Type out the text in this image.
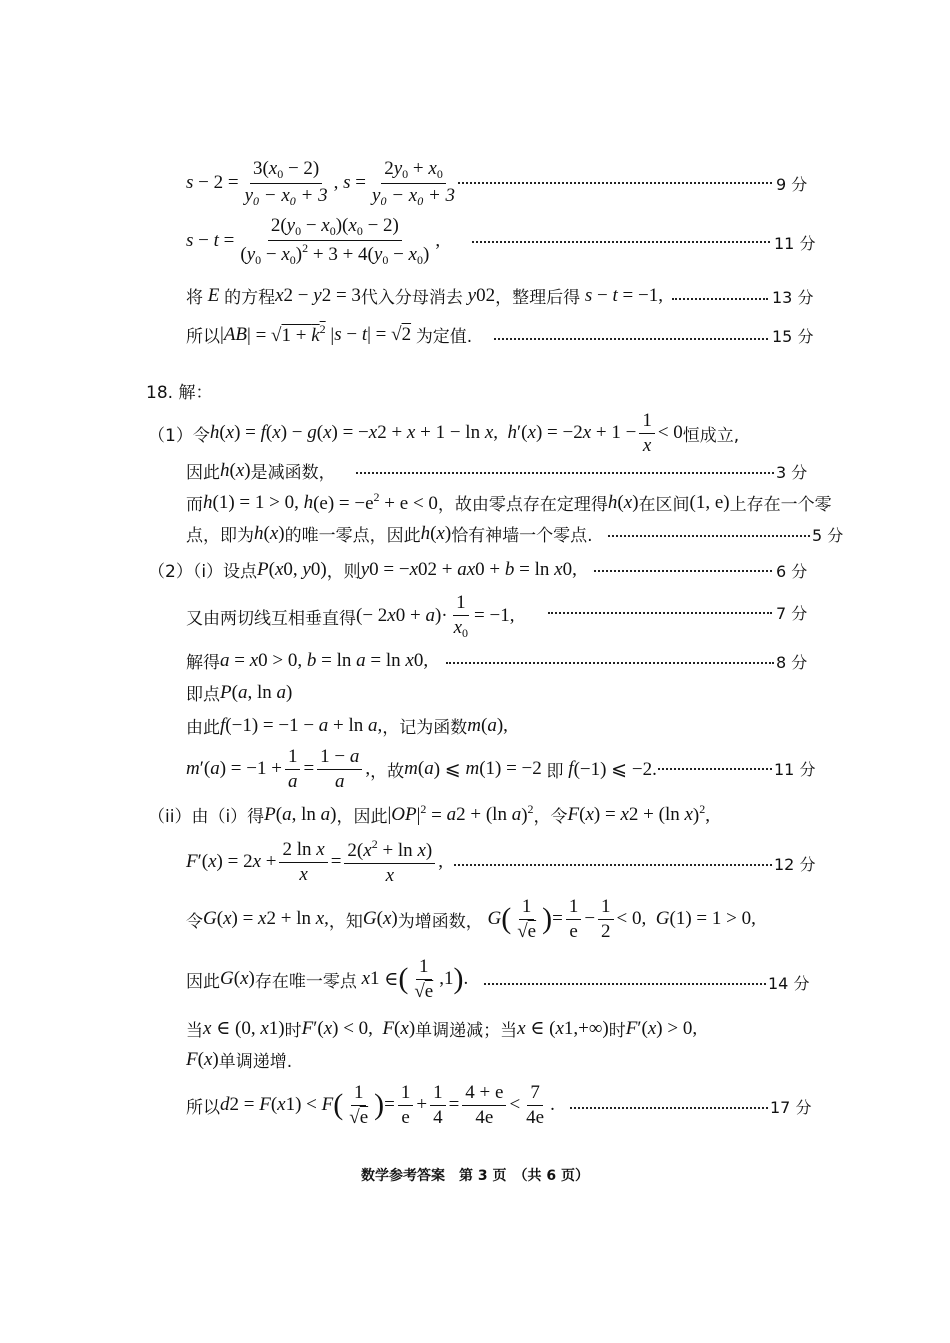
$s - 2 = \frac{3(x_0 - 2)}{y_0 - x_0 + 3}$ , $s = \frac{2y_0 + x_0}{y_0 - x_0 + 3}$	9 分
$s - t = \frac{2(y_0 - x_0)(x_0 - 2)}{(y_0 - x_0)^2 + 3 + 4(y_0 - x_0)}$ ,	11 分
将 E 的方程 x 2 − y 2 = 3 代入分母消去 y 0 2 ，整理后得 s − t = −1,	13 分
所以 | AB | = $√1 + k^2$ | s − t | = √2 为定值.	15 分
18. 解：
（1）令 h ( x ) = f ( x ) − g ( x ) = − x 2 + x + 1 − ln x , h ′( x ) = −2 $x + 1 - \frac{1}{x} < 0$ 恒成立,
因此 h ( x ) 是减函数，	3 分
而 h (1) = 1 > 0, h $(e) = -e^2 + e < 0$ ，故由零点存在定理得 h ( x ) 在区间 (1, e) 上存在一个零
点，即为 h ( x ) 的唯一零点，因此 h ( x ) 恰有神墙一个零点.	5 分
（2）（i）设点 P ( x 0 , y 0 ) ，则 y 0 = − x 0 2 + ax 0 + b = ln x 0 ,	6 分
又由两切线互相垂直得 (− 2 x 0 + a )· $\frac{1}{x_0} = -1$,	7 分
解得 a = x 0 > 0, b = ln a = ln x 0 ,	8 分
即点 P ( a , ln a )
由此 f (−1) = −1 − a + ln a , ，记为函数 m ( a ),
m ′( a ) = $-1 + \frac{1}{a} = \frac{1 - a}{a}$ , ，故 m ( a ) ⩽ m (1) = −2 即 f (−1) ⩽ −2.	11 分
（ii）由（i）得 P ( a , ln a ) ，因此 | OP $|^2 = a$ 2 + (ln a )$^2$ ，令 F ( x ) = x 2 + (ln x )$^2$,
F ′( x ) = 2 $x + \frac{\text{2 ln x}}{x} = \frac{2(x^2 + \ln x)}{x}$ ,	12 分
令 G ( x ) = x 2 + ln x , ，知 G ( x ) 为增函数， G ( $\frac{1}{√e}$ ) = $\frac{1}{e} - \frac{1}{2} < 0$, G (1) = 1 > 0,
因此 G ( x ) 存在唯一零点 x 1 ∈ ( $\frac{1}{√e} ,1$ ) .	14 分
当 x ∈ (0, x 1 ) 时 F ′( x ) < 0, F ( x ) 单调递减；当 x ∈ ( x 1 ,+∞) 时 F ′( x ) > 0,
F ( x ) 单调递增.
所以 d 2 = F ( x 1 ) < F ( $\frac{1}{√e}$ ) = $\frac{1}{e} + \frac{1}{4} = \frac{4 + e}{4e} < \frac{7}{4e}$ .	17 分
数学参考答案　第 3 页　（共 6 页）
